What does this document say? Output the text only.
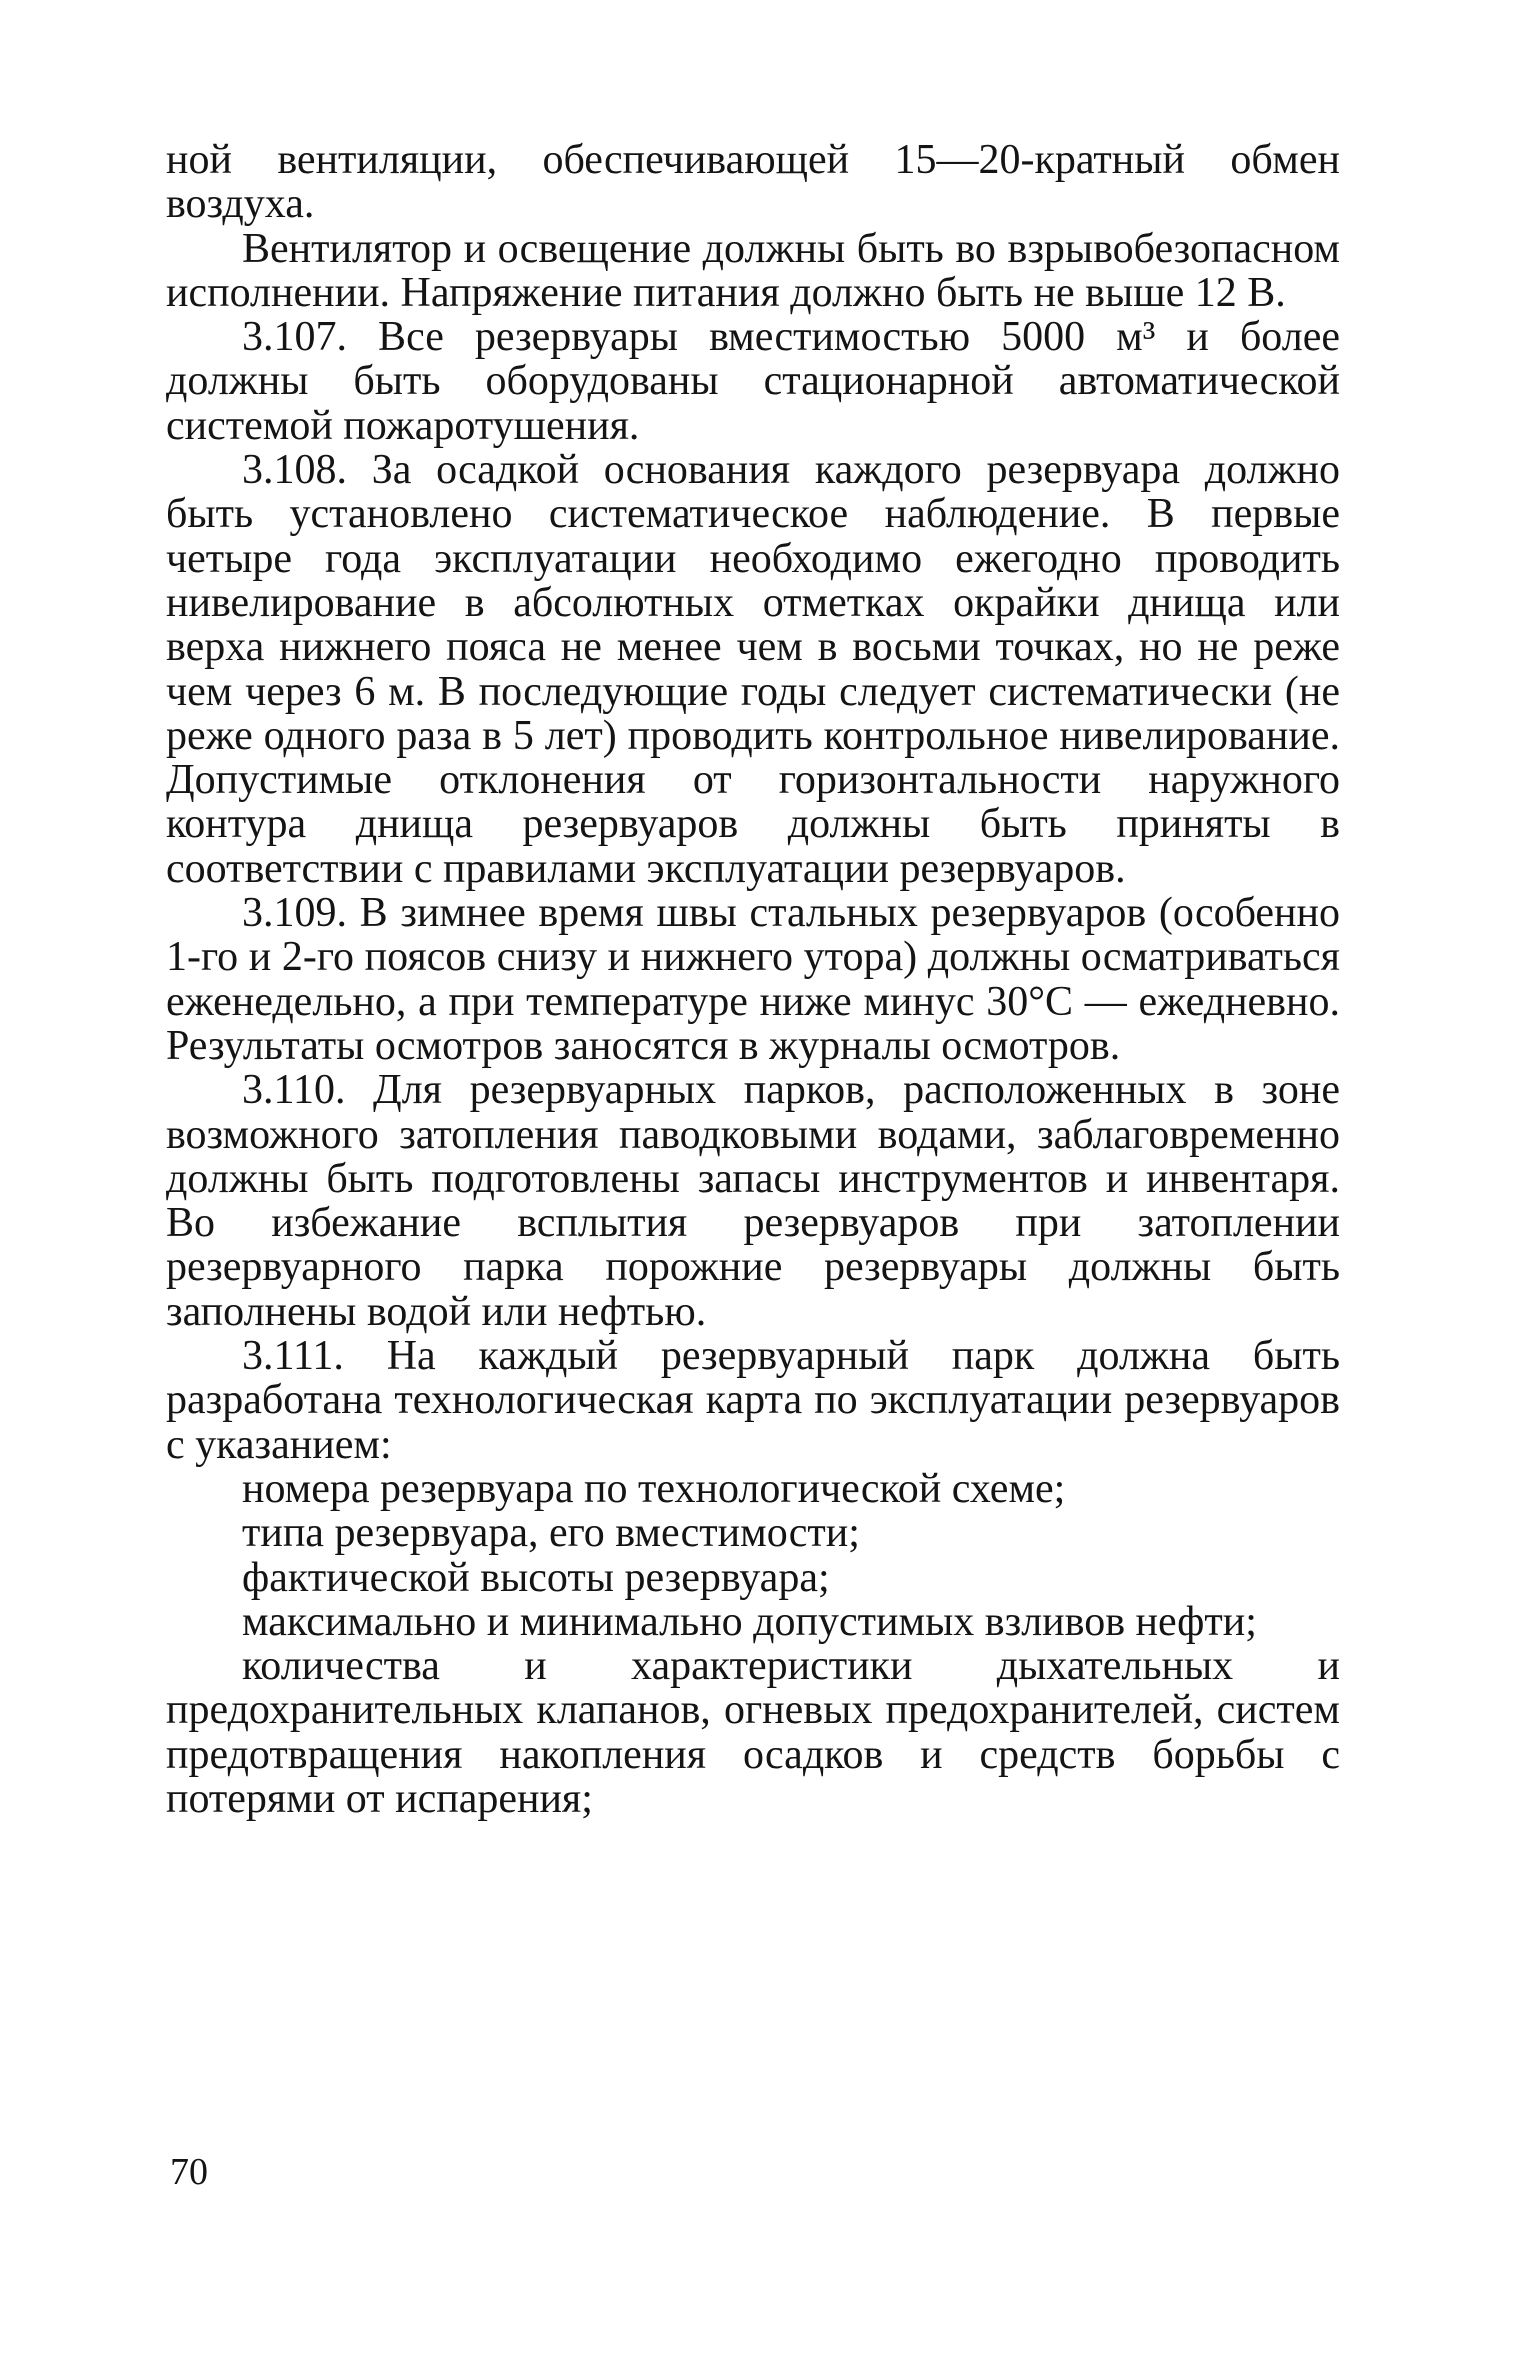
ной вентиляции, обеспечивающей 15—20-кратный обмен воздуха.

Вентилятор и освещение должны быть во взрывобезопасном исполнении. Напряжение питания должно быть не выше 12 В.

3.107. Все резервуары вместимостью 5000 м³ и более должны быть оборудованы стационарной автоматической системой пожаротушения.

3.108. За осадкой основания каждого резервуара должно быть установлено систематическое наблюдение. В первые четыре года эксплуатации необходимо ежегодно проводить нивелирование в абсолютных отметках окрайки днища или верха нижнего пояса не менее чем в восьми точках, но не реже чем через 6 м. В последующие годы следует систематически (не реже одного раза в 5 лет) проводить контрольное нивелирование. Допустимые отклонения от горизонтальности наружного контура днища резервуаров должны быть приняты в соответствии с правилами эксплуатации резервуаров.

3.109. В зимнее время швы стальных резервуаров (особенно 1-го и 2-го поясов снизу и нижнего утора) должны осматриваться еженедельно, а при температуре ниже минус 30°С — ежедневно. Результаты осмотров заносятся в журналы осмотров.

3.110. Для резервуарных парков, расположенных в зоне возможного затопления паводковыми водами, заблаговременно должны быть подготовлены запасы инструментов и инвентаря. Во избежание всплытия резервуаров при затоплении резервуарного парка порожние резервуары должны быть заполнены водой или нефтью.

3.111. На каждый резервуарный парк должна быть разработана технологическая карта по эксплуатации резервуаров с указанием:

номера резервуара по технологической схеме;

типа резервуара, его вместимости;

фактической высоты резервуара;

максимально и минимально допустимых взливов нефти;

количества и характеристики дыхательных и предохранительных клапанов, огневых предохранителей, систем предотвращения накопления осадков и средств борьбы с потерями от испарения;

70
